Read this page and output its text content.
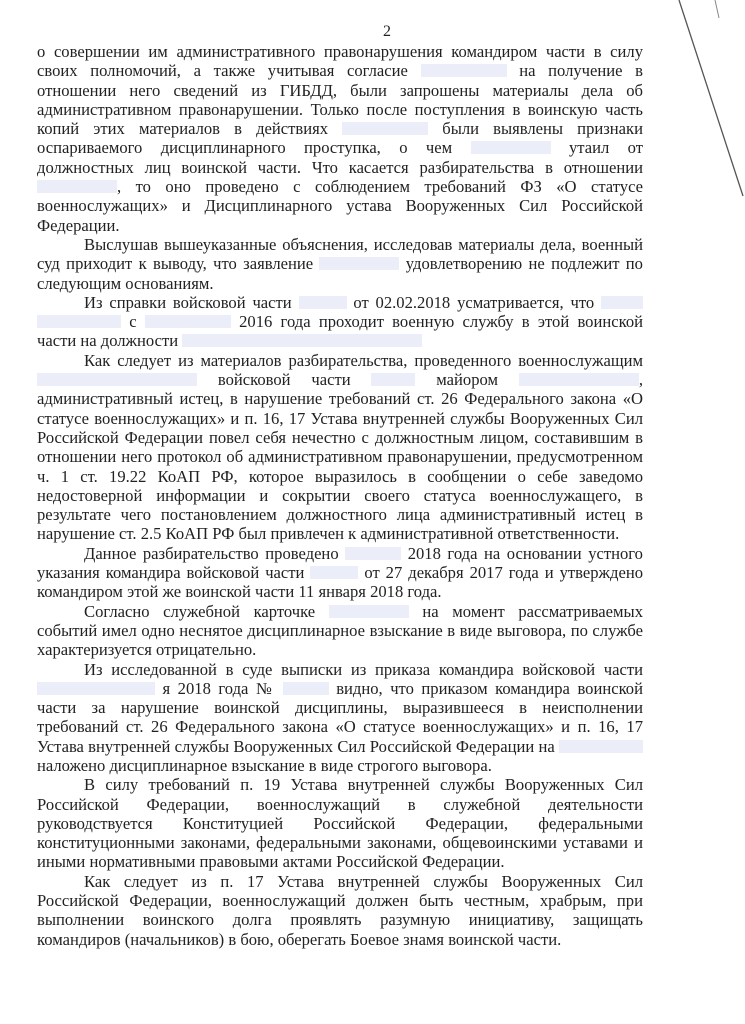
2

о совершении им административного правонарушения командиром части в силу своих полномочий, а также учитывая согласие	на получение в отношении него сведений из ГИБДД, были запрошены материалы дела об административном правонарушении. Только после поступления в воинскую часть копий этих материалов в действиях	были выявлены признаки оспариваемого дисциплинарного проступка, о чем	утаил от должностных лиц воинской части. Что касается разбирательства в отношении , то оно проведено с соблюдением требований ФЗ «О статусе военнослужащих» и Дисциплинарного устава Вооруженных Сил Российской Федерации.

Выслушав вышеуказанные объяснения, исследовав материалы дела, военный суд приходит к выводу, что заявление	удовлетворению не подлежит по следующим основаниям.

Из справки войсковой части	от 02.02.2018 усматривается, что   с	2016 года проходит военную службу в этой воинской части на должности

Как следует из материалов разбирательства, проведенного военнослужащим  войсковой части	майором	, административный истец, в нарушение требований ст. 26 Федерального закона «О статусе военнослужащих» и п. 16, 17 Устава внутренней службы Вооруженных Сил Российской Федерации повел себя нечестно с должностным лицом, составившим в отношении него протокол об административном правонарушении, предусмотренном ч. 1 ст. 19.22 КоАП РФ, которое выразилось в сообщении о себе заведомо недостоверной информации и сокрытии своего статуса военнослужащего, в результате чего постановлением должностного лица административный истец в нарушение ст. 2.5 КоАП РФ был привлечен к административной ответственности.

Данное разбирательство проведено	2018 года на основании устного указания командира войсковой части	от 27 декабря 2017 года и утверждено командиром этой же воинской части 11 января 2018 года.

Согласно служебной карточке	на момент рассматриваемых событий имел одно неснятое дисциплинарное взыскание в виде выговора, по службе характеризуется отрицательно.

Из исследованной в суде выписки из приказа командира войсковой части  я 2018 года №	видно, что приказом командира воинской части за нарушение воинской дисциплины, выразившееся в неисполнении требований ст. 26 Федерального закона «О статусе военнослужащих» и п. 16, 17 Устава внутренней службы Вооруженных Сил Российской Федерации на  наложено дисциплинарное взыскание в виде строгого выговора.

В силу требований п. 19 Устава внутренней службы Вооруженных Сил Российской Федерации, военнослужащий в служебной деятельности руководствуется Конституцией Российской Федерации, федеральными конституционными законами, федеральными законами, общевоинскими уставами и иными нормативными правовыми актами Российской Федерации.

Как следует из п. 17 Устава внутренней службы Вооруженных Сил Российской Федерации, военнослужащий должен быть честным, храбрым, при выполнении воинского долга проявлять разумную инициативу, защищать командиров (начальников) в бою, оберегать Боевое знамя воинской части.
